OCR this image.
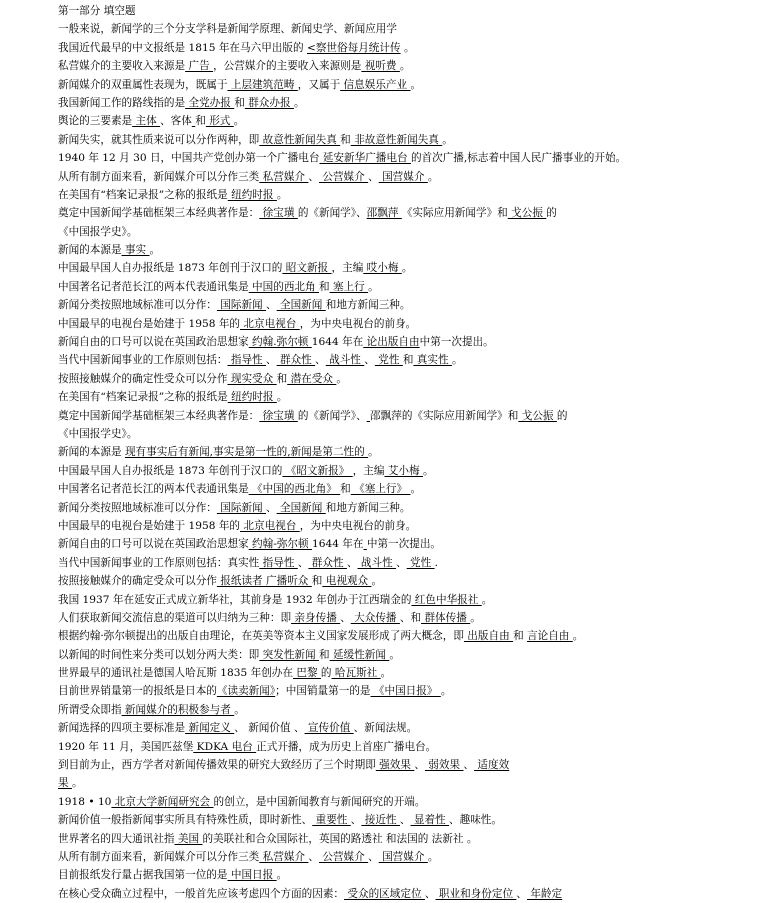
第一部分 填空题
一般来说，新闻学的三个分支学科是新闻学原理、新闻史学、新闻应用学
我国近代最早的中文报纸是 1815 年在马六甲出版的 <察世俗每月统计传 。
私营媒介的主要收入来源是 广告 ，公营媒介的主要收入来源则是 视听费 。
新闻媒介的双重属性表现为，既属于 上层建筑范畴 ，又属于 信息娱乐产业 。
我国新闻工作的路线指的是 全党办报 和 群众办报 。
舆论的三要素是 主体 、客体 和 形式 。
新闻失实，就其性质来说可以分作两种，即 故意性新闻失真 和 非故意性新闻失真 。
1940 年 12 月 30 日，中国共产党创办第一个广播电台 延安新华广播电台 的首次广播,标志着中国人民广播事业的开始。
从所有制方面来看，新闻媒介可以分作三类 私营媒介 、 公营媒介 、 国营媒介 。
在美国有“档案记录报”之称的报纸是 纽约时报 。
奠定中国新闻学基础框架三本经典著作是： 徐宝璜 的《新闻学》、邵飘萍 《实际应用新闻学》和 戈公振 的
《中国报学史》。
新闻的本源是 事实 。
中国最早国人自办报纸是 1873 年创刊于汉口的 昭文新报 ，主编 哎小梅 。
中国著名记者范长江的两本代表通讯集是 中国的西北角 和 塞上行 。
新闻分类按照地域标准可以分作： 国际新闻 、 全国新闻 和地方新闻三种。
中国最早的电视台是始建于 1958 年的 北京电视台 ，为中央电视台的前身。
新闻自由的口号可以说在英国政治思想家 约翰.弥尔顿 1644 年在 论出版自由中第一次提出。
当代中国新闻事业的工作原则包括： 指导性 、 群众性 、 战斗性 、 党性 和 真实性 。
按照接触媒介的确定性受众可以分作 现实受众 和 潜在受众 。
在美国有“档案记录报”之称的报纸是 纽约时报 。
奠定中国新闻学基础框架三本经典著作是： 徐宝璜 的《新闻学》、 邵飘萍的《实际应用新闻学》和 戈公振 的
《中国报学史》。
新闻的本源是 现有事实后有新闻,事实是第一性的,新闻是第二性的 。
中国最早国人自办报纸是 1873 年创刊于汉口的 《昭文新报》 ，主编 艾小梅 。
中国著名记者范长江的两本代表通讯集是 《中国的西北角》 和 《塞上行》 。
新闻分类按照地域标准可以分作： 国际新闻 、 全国新闻 和地方新闻三种。
中国最早的电视台是始建于 1958 年的 北京电视台 ，为中央电视台的前身。
新闻自由的口号可以说在英国政治思想家 约翰-弥尔顿 1644 年在 中第一次提出。
当代中国新闻事业的工作原则包括：真实性 指导性 、 群众性 、 战斗性 、 党性 .
按照接触媒介的确定受众可以分作 报纸读者 广播听众 和 电视观众 。
我国 1937 年在延安正式成立新华社，其前身是 1932 年创办于江西瑞金的 红色中华报社 。
人们获取新闻交流信息的渠道可以归纳为三种：即 亲身传播 、 大众传播 、和 群体传播 。
根据约翰·弥尔顿提出的出版自由理论，在英美等资本主义国家发展形成了两大概念，即 出版自由 和 言论自由 。
以新闻的时间性来分类可以划分两大类：即 突发性新闻 和 延缓性新闻 。
世界最早的通讯社是德国人哈瓦斯 1835 年创办在 巴黎 的 哈瓦斯社 。
目前世界销量第一的报纸是日本的《读卖新闻》；中国销量第一的是 《中国日报》 。
所谓受众即指 新闻媒介的积极参与者 。
新闻选择的四项主要标准是 新闻定义 、 新闻价值 、 宣传价值 、新闻法规。
1920 年 11 月，美国匹兹堡 KDKA 电台 正式开播，成为历史上首座广播电台。
到目前为止，西方学者对新闻传播效果的研究大致经历了三个时期即 强效果 、 弱效果 、 适度效
果 。
1918 • 10 北京大学新闻研究会 的创立，是中国新闻教育与新闻研究的开端。
新闻价值一般指新闻事实所具有特殊性质，即时新性、 重要性 、 接近性 、 显着性 、趣味性。
世界著名的四大通讯社指 美国 的美联社和合众国际社，英国的路透社 和法国的 法新社 。
从所有制方面来看，新闻媒介可以分作三类 私营媒介 、 公营媒介 、 国营媒介 。
目前报纸发行量占据我国第一位的是 中国日报 。
在核心受众确立过程中，一般首先应该考虑四个方面的因素： 受众的区域定位 、 职业和身份定位 、 年龄定
